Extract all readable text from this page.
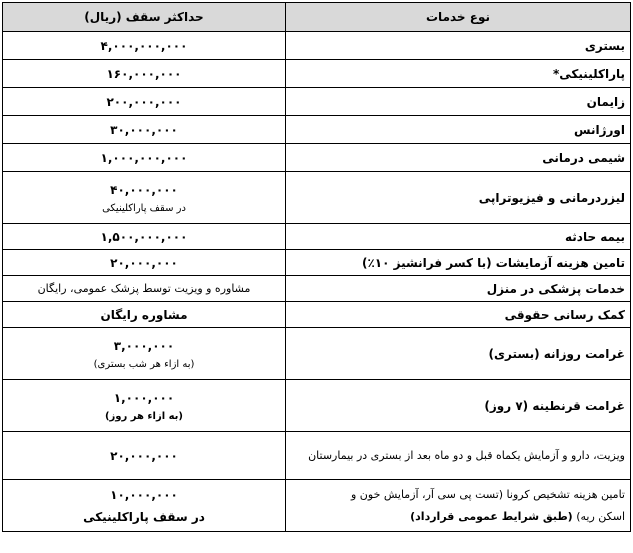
نوع خدمات	حداکثر سقف (ریال)
بستری	۴,۰۰۰,۰۰۰,۰۰۰
پاراکلینیکی*	۱۶۰,۰۰۰,۰۰۰
زایمان	۲۰۰,۰۰۰,۰۰۰
اورژانس	۳۰,۰۰۰,۰۰۰
شیمی درمانی	۱,۰۰۰,۰۰۰,۰۰۰
لیزردرمانی و فیزیوتراپی	۴۰,۰۰۰,۰۰۰
در سقف پاراکلینیکی

بیمه حادثه	۱,۵۰۰,۰۰۰,۰۰۰
تامین هزینه آزمایشات (با کسر فرانشیز ۱۰٪)	۲۰,۰۰۰,۰۰۰
خدمات پزشکی در منزل	مشاوره و ویزیت توسط پزشک عمومی، رایگان
کمک رسانی حقوقی	مشاوره رایگان
غرامت روزانه (بستری)	۳,۰۰۰,۰۰۰
(به ازاء هر شب بستری)

غرامت قرنطینه (۷ روز)	۱,۰۰۰,۰۰۰
(به ازاء هر روز)

ویزیت، دارو و آزمایش یکماه قبل و دو ماه بعد از بستری در بیمارستان	۲۰,۰۰۰,۰۰۰

تامین هزینه تشخیص کرونا (تست پی سی آر، آزمایش خون و
اسکن ریه) (طبق شرایط عمومی قرارداد)	۱۰,۰۰۰,۰۰۰
در سقف پاراکلینیکی
